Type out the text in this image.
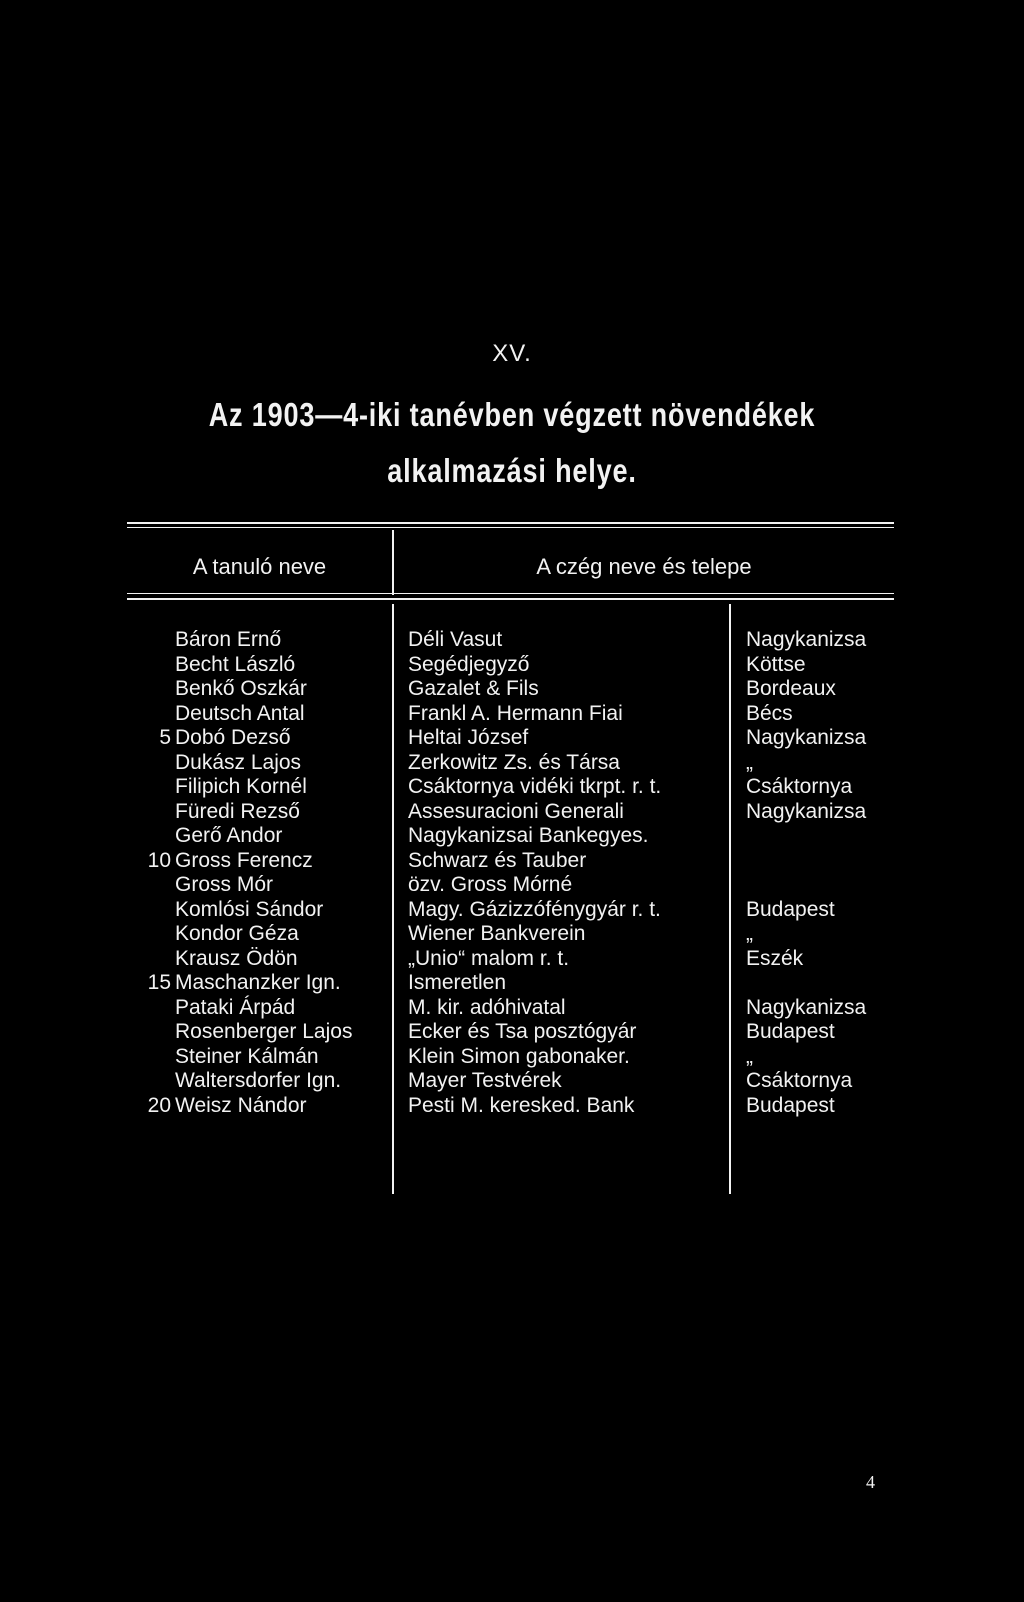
XV.
Az 1903—4-iki tanévben végzett növendékek
alkalmazási helye.
A tanuló neve	A czég neve és telepe
Báron Ernő
Becht László
Benkő Oszkár
Deutsch Antal
5 Dobó Dezső
Dukász Lajos
Filipich Kornél
Füredi Rezső
Gerő Andor
10 Gross Ferencz
Gross Mór
Komlósi Sándor
Kondor Géza
Krausz Ödön
15 Maschanzker Ign.
Pataki Árpád
Rosenberger Lajos
Steiner Kálmán
Waltersdorfer Ign.
20 Weisz Nándor
Déli Vasut
Segédjegyző
Gazalet & Fils
Frankl A. Hermann Fiai
Heltai József
Zerkowitz Zs. és Társa
Csáktornya vidéki tkrpt. r. t.
Assesuracioni Generali
Nagykanizsai Bankegyes.
Schwarz és Tauber
özv. Gross Mórné
Magy. Gázizzófénygyár r. t.
Wiener Bankverein
„Unio“ malom r. t.
Ismeretlen
M. kir. adóhivatal
Ecker és Tsa posztógyár
Klein Simon gabonaker.
Mayer Testvérek
Pesti M. keresked. Bank
Nagykanizsa
Köttse
Bordeaux
Bécs
Nagykanizsa
„
Csáktornya
Nagykanizsa
Budapest
„
Eszék
Nagykanizsa
Budapest
„
Csáktornya
Budapest
4
